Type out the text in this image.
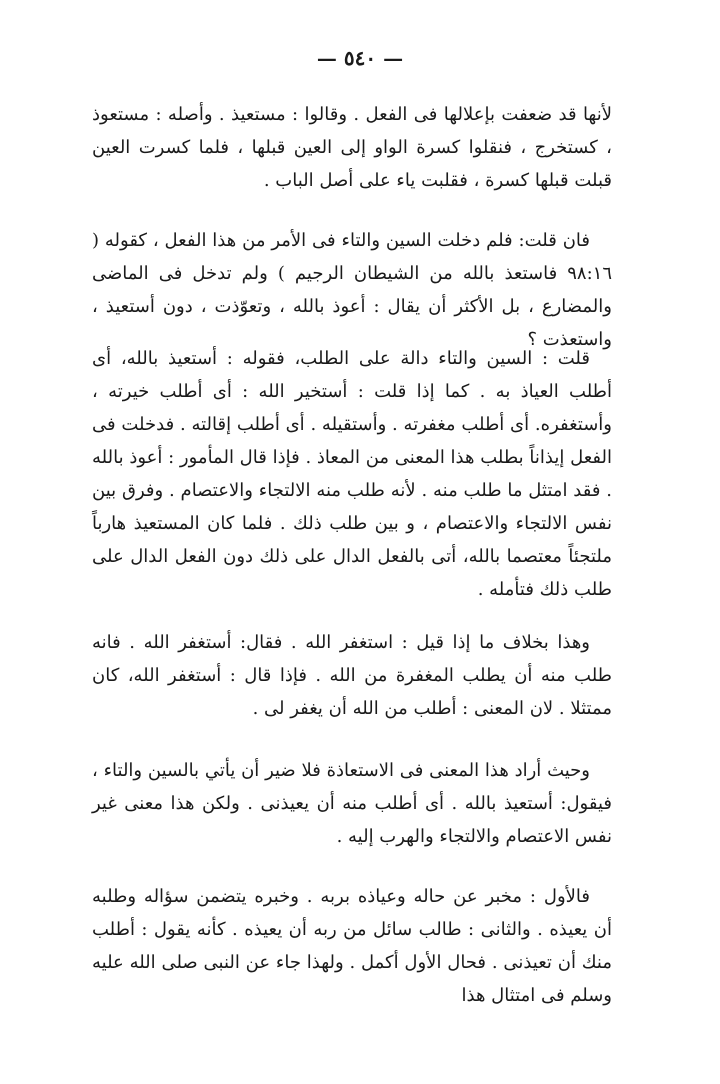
— ٥٤٠ —

لأنها قد ضعفت بإعلالها فى الفعل . وقالوا : مستعيذ . وأصله : مستعوذ ، كستخرج ، فنقلوا كسرة الواو إلى العين قبلها ، فلما كسرت العين قبلت قبلها كسرة ، فقلبت ياء على أصل الباب .

فان قلت: فلم دخلت السين والتاء فى الأمر من هذا الفعل ، كقوله ( ٩٨:١٦ فاستعذ بالله من الشيطان الرجيم ) ولم تدخل فى الماضى والمضارع ، بل الأكثر أن يقال : أعوذ بالله ، وتعوّذت ، دون أستعيذ ، واستعذت ؟

قلت : السين والتاء دالة على الطلب، فقوله : أستعيذ بالله، أى أطلب العياذ به . كما إذا قلت : أستخير الله : أى أطلب خيرته ، وأستغفره. أى أطلب مغفرته . وأستقيله . أى أطلب إقالته . فدخلت فى الفعل إيذاناً بطلب هذا المعنى من المعاذ . فإذا قال المأمور : أعوذ بالله . فقد امتثل ما طلب منه . لأنه طلب منه الالتجاء والاعتصام . وفرق بين نفس الالتجاء والاعتصام ، و بين طلب ذلك . فلما كان المستعيذ هارباً ملتجئاً معتصما بالله، أتى بالفعل الدال على ذلك دون الفعل الدال على طلب ذلك فتأمله .

وهذا بخلاف ما إذا قيل : استغفر الله . فقال: أستغفر الله . فانه طلب منه أن يطلب المغفرة من الله . فإذا قال : أستغفر الله، كان ممتثلا . لان المعنى : أطلب من الله أن يغفر لى .

وحيث أراد هذا المعنى فى الاستعاذة فلا ضير أن يأتي بالسين والتاء ، فيقول: أستعيذ بالله . أى أطلب منه أن يعيذنى . ولكن هذا معنى غير نفس الاعتصام والالتجاء والهرب إليه .

فالأول : مخبر عن حاله وعياذه بربه . وخبره يتضمن سؤاله وطلبه أن يعيذه . والثانى : طالب سائل من ربه أن يعيذه . كأنه يقول : أطلب منك أن تعيذنى . فحال الأول أكمل . ولهذا جاء عن النبى صلى الله عليه وسلم فى امتثال هذا
